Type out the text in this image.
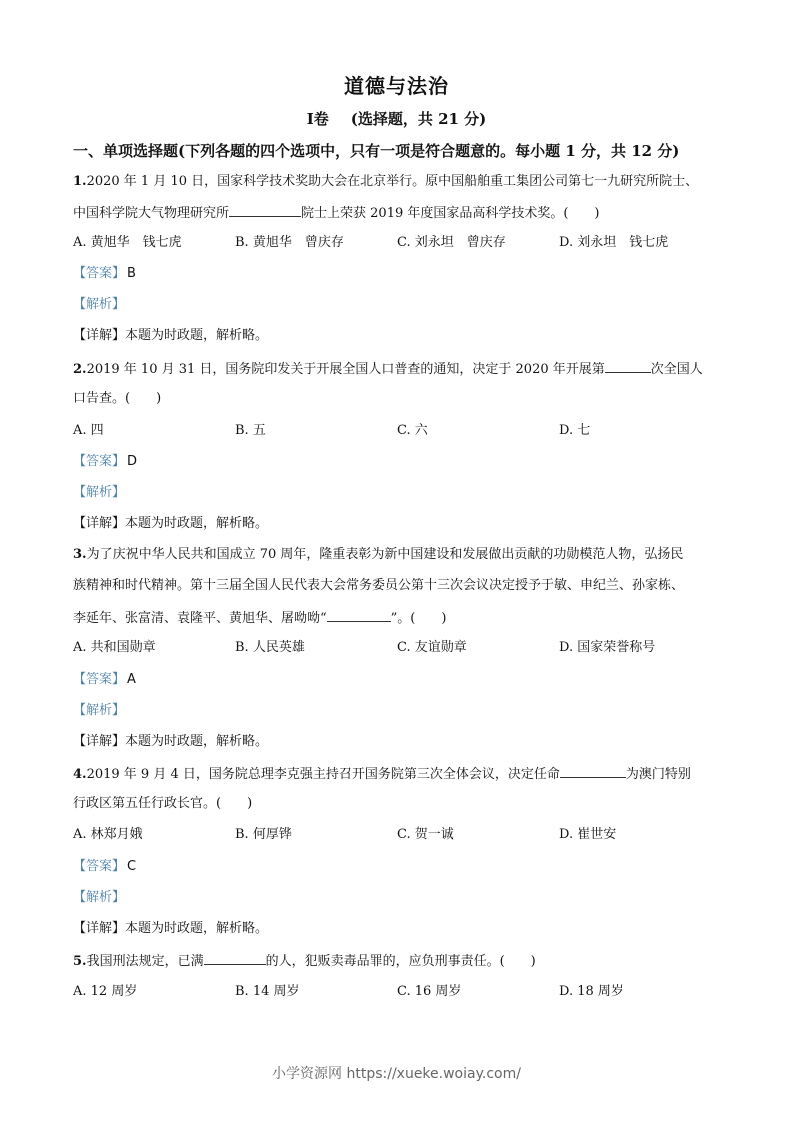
道德与法治
Ⅰ卷 (选择题，共 21 分)
一、单项选择题(下列各题的四个选项中，只有一项是符合题意的。每小题 1 分，共 12 分)
1.2020 年 1 月 10 日，国家科学技术奖助大会在北京举行。原中国船舶重工集团公司第七一九研究所院士、
中国科学院大气物理研究所	院士上荣获 2019 年度国家品高科学技术奖。(　　)
A. 黄旭华　钱七虎	B. 黄旭华　曾庆存	C. 刘永坦　曾庆存	D. 刘永坦　钱七虎
【答案】 B
【解析】
【详解】本题为时政题，解析略。
2.2019 年 10 月 31 日，国务院印发关于开展全国人口普查的通知，决定于 2020 年开展第	次全国人
口告查。(　　)
A. 四	B. 五	C. 六	D. 七
【答案】 D
【解析】
【详解】本题为时政题，解析略。
3.为了庆祝中华人民共和国成立 70 周年，隆重表彰为新中国建设和发展做出贡献的功勋模范人物，弘扬民
族精神和时代精神。第十三届全国人民代表大会常务委员公第十三次会议决定授予于敏、申纪兰、孙家栋、
李延年、张富清、袁隆平、黄旭华、屠呦呦“	”。(　　)
A. 共和国勋章	B. 人民英雄	C. 友谊勋章	D. 国家荣誉称号
【答案】 A
【解析】
【详解】本题为时政题，解析略。
4.2019 年 9 月 4 日，国务院总理李克强主持召开国务院第三次全体会议，决定任命	为澳门特别
行政区第五任行政长官。(　　)
A. 林郑月娥	B. 何厚铧	C. 贺一诚	D. 崔世安
【答案】 C
【解析】
【详解】本题为时政题，解析略。
5.我国刑法规定，已满	的人，犯贩卖毒品罪的，应负刑事责任。(　　)
A. 12 周岁	B. 14 周岁	C. 16 周岁	D. 18 周岁
小学资源网 https://xueke.woiay.com/
